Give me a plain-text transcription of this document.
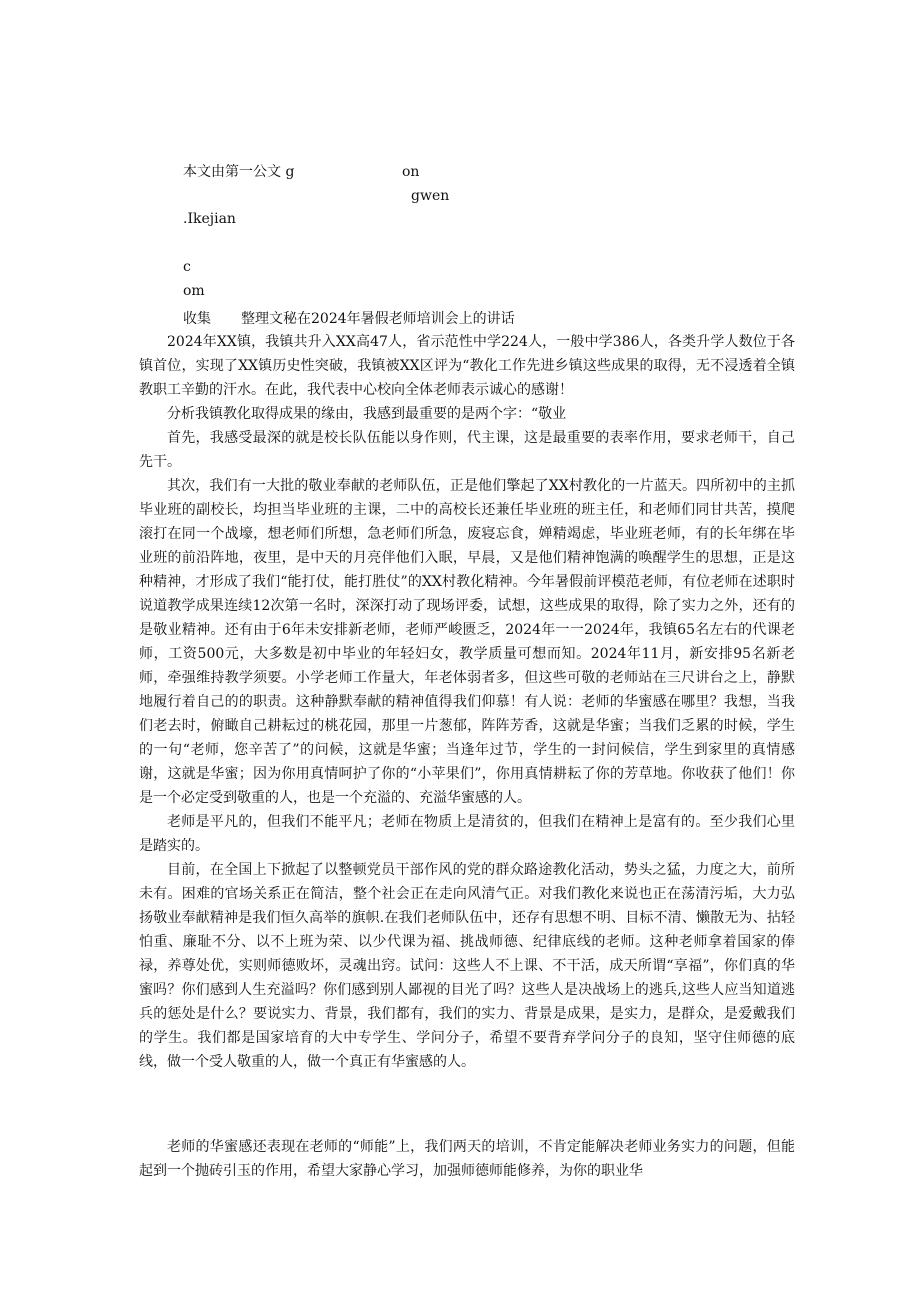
本文由第一公文 g	on
gwen
.Ikejian
c
om
收集 整理文秘在2024年暑假老师培训会上的讲话

2024年XX镇，我镇共升入XX高47人，省示范性中学224人，一般中学386人，各类升学人数位于各镇首位，实现了XX镇历史性突破，我镇被XX区评为“教化工作先进乡镇这些成果的取得，无不浸透着全镇教职工辛勤的汗水。在此，我代表中心校向全体老师表示诚心的感谢！

分析我镇教化取得成果的缘由，我感到最重要的是两个字：“敬业

首先，我感受最深的就是校长队伍能以身作则，代主课，这是最重要的表率作用，要求老师干，自己先干。

其次，我们有一大批的敬业奉献的老师队伍，正是他们擎起了XX村教化的一片蓝天。四所初中的主抓毕业班的副校长，均担当毕业班的主课，二中的高校长还兼任毕业班的班主任，和老师们同甘共苦，摸爬滚打在同一个战壕，想老师们所想，急老师们所急，废寝忘食，婵精竭虑，毕业班老师，有的长年绑在毕业班的前沿阵地，夜里，是中天的月亮伴他们入眠，早晨，又是他们精神饱满的唤醒学生的思想，正是这种精神，才形成了我们“能打仗，能打胜仗”的XX村教化精神。今年暑假前评模范老师，有位老师在述职时说道教学成果连续12次第一名时，深深打动了现场评委，试想，这些成果的取得，除了实力之外，还有的是敬业精神。还有由于6年未安排新老师，老师严峻匮乏，2024年一一2024年，我镇65名左右的代课老师，工资500元，大多数是初中毕业的年轻妇女，教学质量可想而知。2024年11月，新安排95名新老师，牵强维持教学须要。小学老师工作量大，年老体弱者多，但这些可敬的老师站在三尺讲台之上，静默地履行着自己的的职责。这种静默奉献的精神值得我们仰慕！有人说：老师的华蜜感在哪里？我想，当我们老去时，俯瞰自己耕耘过的桃花园，那里一片葱郁，阵阵芳香，这就是华蜜；当我们乏累的时候，学生的一句“老师，您辛苦了”的问候，这就是华蜜；当逢年过节，学生的一封问候信，学生到家里的真情感谢，这就是华蜜；因为你用真情呵护了你的“小苹果们”，你用真情耕耘了你的芳草地。你收获了他们！你是一个必定受到敬重的人，也是一个充溢的、充溢华蜜感的人。

老师是平凡的，但我们不能平凡；老师在物质上是清贫的，但我们在精神上是富有的。至少我们心里是踏实的。

目前，在全国上下掀起了以整顿党员干部作风的党的群众路途教化活动，势头之猛，力度之大，前所未有。困难的官场关系正在简洁，整个社会正在走向风清气正。对我们教化来说也正在荡清污垢，大力弘扬敬业奉献精神是我们恒久高举的旗帜.在我们老师队伍中，还存有思想不明、目标不清、懒散无为、拈轻怕重、廉耻不分、以不上班为荣、以少代课为福、挑战师德、纪律底线的老师。这种老师拿着国家的俸禄，养尊处优，实则师德败坏，灵魂出窍。试问：这些人不上课、不干活，成天所谓“享福”，你们真的华蜜吗？你们感到人生充溢吗？你们感到别人鄙视的目光了吗？这些人是决战场上的逃兵,这些人应当知道逃兵的惩处是什么？要说实力、背景，我们都有，我们的实力、背景是成果，是实力，是群众，是爱戴我们的学生。我们都是国家培育的大中专学生、学问分子，希望不要背弃学问分子的良知，坚守住师德的底线，做一个受人敬重的人，做一个真正有华蜜感的人。

老师的华蜜感还表现在老师的“师能”上，我们两天的培训，不肯定能解决老师业务实力的问题，但能起到一个抛砖引玉的作用，希望大家静心学习，加强师德师能修养，为你的职业华
